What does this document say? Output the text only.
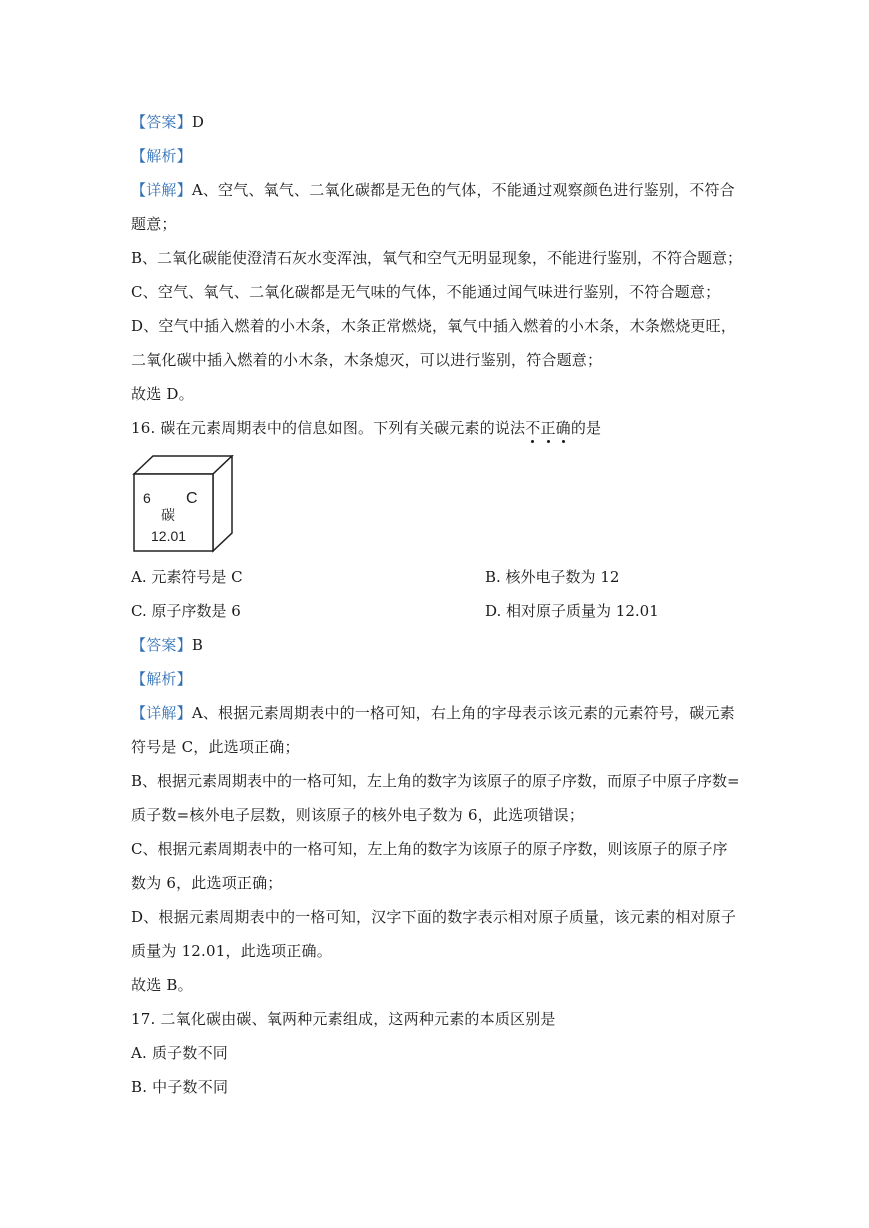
【答案】D
【解析】
【详解】A、空气、氧气、二氧化碳都是无色的气体，不能通过观察颜色进行鉴别，不符合
题意；
B、二氧化碳能使澄清石灰水变浑浊，氧气和空气无明显现象，不能进行鉴别，不符合题意；
C、空气、氧气、二氧化碳都是无气味的气体，不能通过闻气味进行鉴别，不符合题意；
D、空气中插入燃着的小木条，木条正常燃烧，氧气中插入燃着的小木条，木条燃烧更旺，
二氧化碳中插入燃着的小木条，木条熄灭，可以进行鉴别，符合题意；
故选 D。
16. 碳在元素周期表中的信息如图。下列有关碳元素的说法不正确的是
6 C
碳
12.01
A. 元素符号是 C	B. 核外电子数为 12
C. 原子序数是 6	D. 相对原子质量为 12.01
【答案】B
【解析】
【详解】A、根据元素周期表中的一格可知，右上角的字母表示该元素的元素符号，碳元素
符号是 C，此选项正确；
B、根据元素周期表中的一格可知，左上角的数字为该原子的原子序数，而原子中原子序数=
质子数=核外电子层数，则该原子的核外电子数为 6，此选项错误；
C、根据元素周期表中的一格可知，左上角的数字为该原子的原子序数，则该原子的原子序
数为 6，此选项正确；
D、根据元素周期表中的一格可知，汉字下面的数字表示相对原子质量，该元素的相对原子
质量为 12.01，此选项正确。
故选 B。
17. 二氧化碳由碳、氧两种元素组成，这两种元素的本质区别是
A. 质子数不同
B. 中子数不同
